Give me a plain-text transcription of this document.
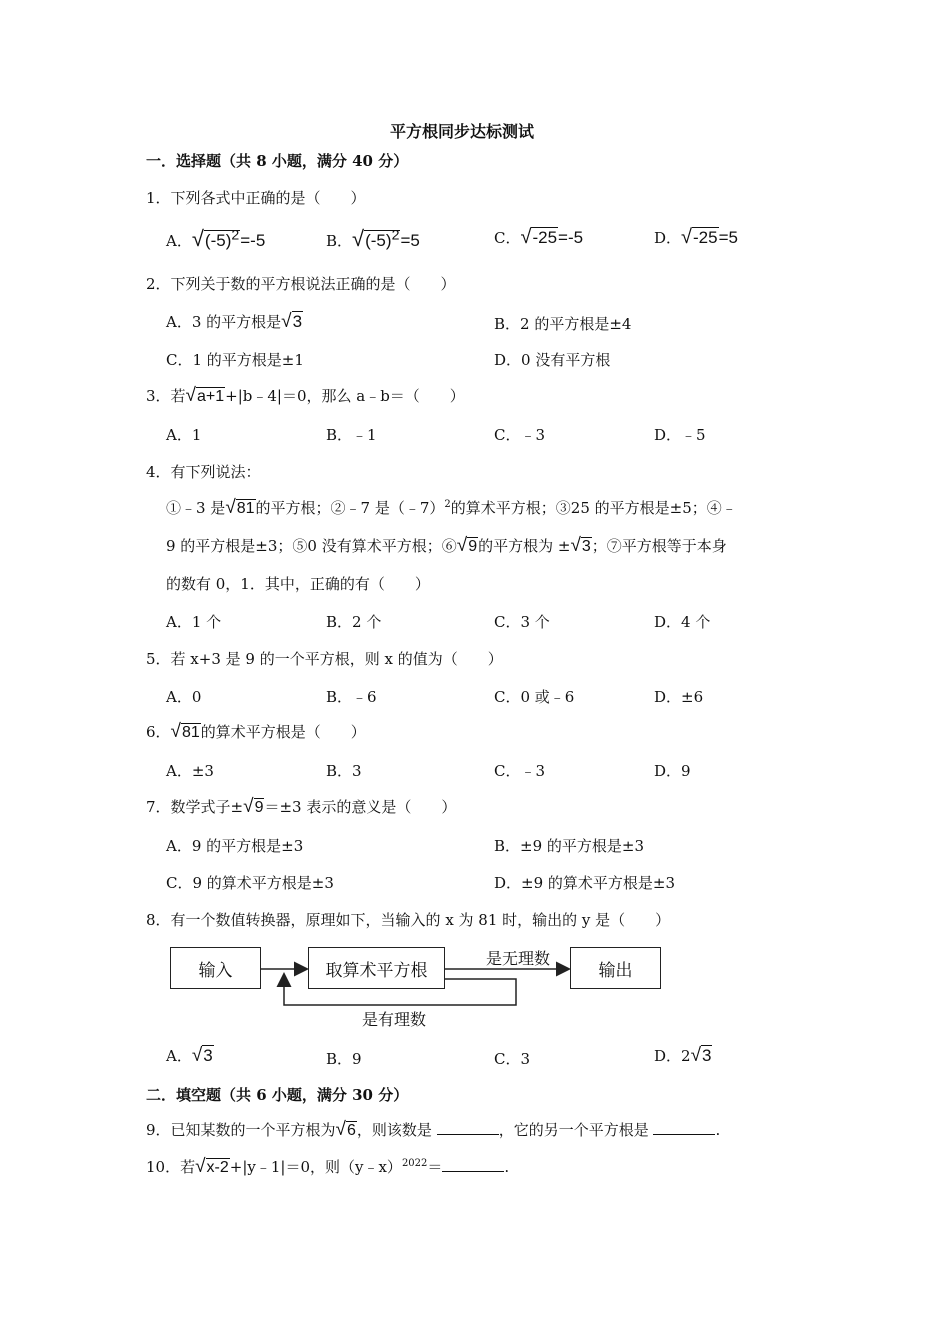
平方根同步达标测试
一．选择题（共 8 小题，满分 40 分）
1．下列各式中正确的是（　　）
A．$√(-5)^2=-5$	B．$√(-5)^2=5$	C．√-25=-5	D．√-25=5
2．下列关于数的平方根说法正确的是（　　）
A．3 的平方根是√3	B．2 的平方根是±4
C．1 的平方根是±1	D．0 没有平方根
3．若√a+1+|b﹣4|＝0，那么 a﹣b＝（　　）
A．1	B．﹣1	C．﹣3	D．﹣5
4．有下列说法：
①﹣3 是√81的平方根；②﹣7 是（﹣7）$^2$的算术平方根；③25 的平方根是±5；④﹣
9 的平方根是±3；⑤0 没有算术平方根；⑥√9的平方根为 ±√3；⑦平方根等于本身
的数有 0，1．其中，正确的有（　　）
A．1 个	B．2 个	C．3 个	D．4 个
5．若 x+3 是 9 的一个平方根，则 x 的值为（　　）
A．0	B．﹣6	C．0 或﹣6	D．±6
6．√81的算术平方根是（　　）
A．±3	B．3	C．﹣3	D．9
7．数学式子±√9＝±3 表示的意义是（　　）
A．9 的平方根是±3	B．±9 的平方根是±3
C．9 的算术平方根是±3	D．±9 的算术平方根是±3
8．有一个数值转换器，原理如下，当输入的 x 为 81 时，输出的 y 是（　　）
输入	取算术平方根	输出
是无理数
是有理数
A．√3	B．9	C．3	D．2√3
二．填空题（共 6 小题，满分 30 分）
9．已知某数的一个平方根为√6，则该数是	，它的另一个平方根是	.
10．若√x-2+|y﹣1|＝0，则（y﹣x）$^{2022}$＝	.
